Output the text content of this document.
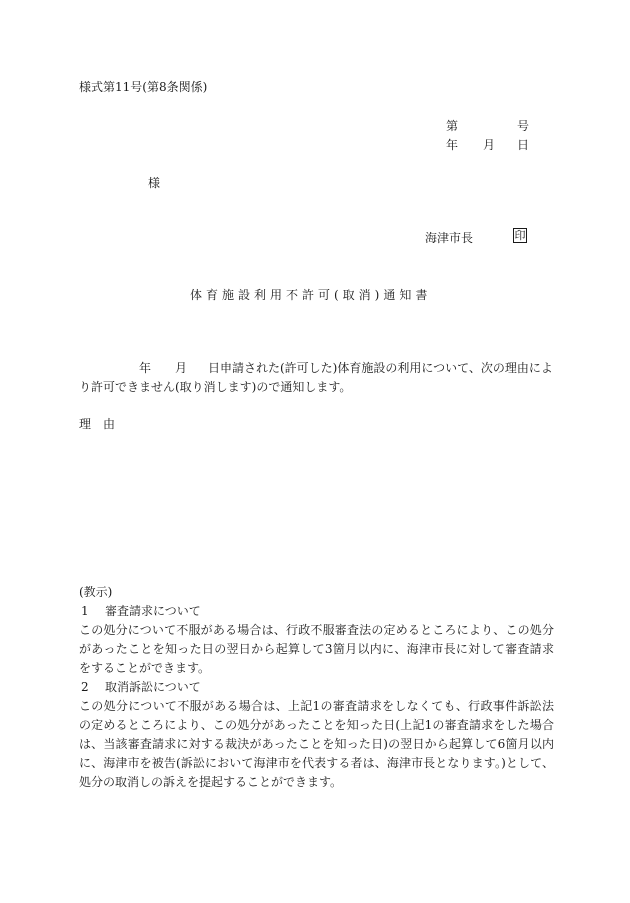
様式第11号(第8条関係)
第	号
年 月 日
様
海津市長	印
体育施設利用不許可(取消)通知書
年 月 日申請された(許可した)体育施設の利用について、次の理由によ
り許可できません(取り消します)ので通知します。
理由

(教示)

1 審査請求について

この処分について不服がある場合は、行政不服審査法の定めるところにより、この処分があったことを知った日の翌日から起算して3箇月以内に、海津市長に対して審査請求をすることができます。

2 取消訴訟について

この処分について不服がある場合は、上記1の審査請求をしなくても、行政事件訴訟法の定めるところにより、この処分があったことを知った日(上記1の審査請求をした場合は、当該審査請求に対する裁決があったことを知った日)の翌日から起算して6箇月以内に、海津市を被告(訴訟において海津市を代表する者は、海津市長となります。)として、処分の取消しの訴えを提起することができます。
